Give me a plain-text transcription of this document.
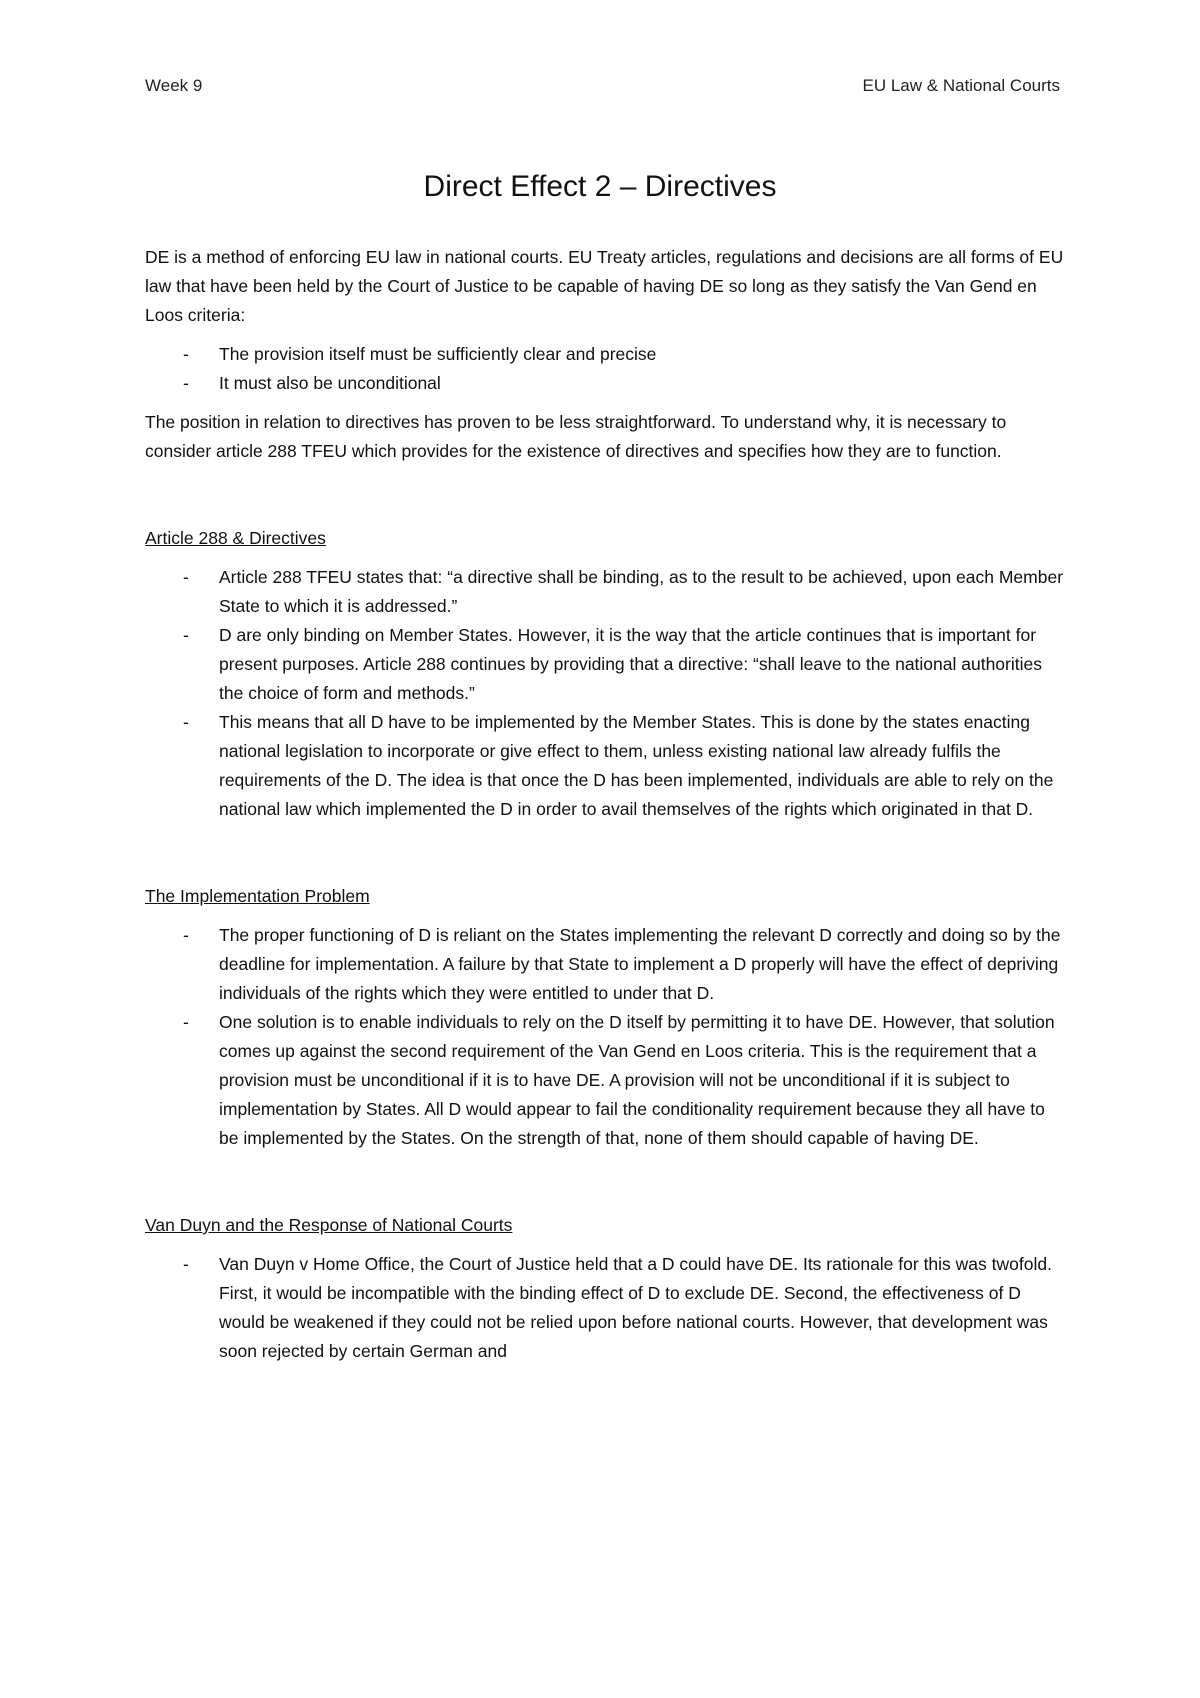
Week 9	EU Law & National Courts
Direct Effect 2 – Directives

DE is a method of enforcing EU law in national courts. EU Treaty articles, regulations and decisions are all forms of EU law that have been held by the Court of Justice to be capable of having DE so long as they satisfy the Van Gend en Loos criteria:

- The provision itself must be sufficiently clear and precise
- It must also be unconditional

The position in relation to directives has proven to be less straightforward. To understand why, it is necessary to consider article 288 TFEU which provides for the existence of directives and specifies how they are to function.

Article 288 & Directives
- Article 288 TFEU states that: “a directive shall be binding, as to the result to be achieved, upon each Member State to which it is addressed.”
- D are only binding on Member States. However, it is the way that the article continues that is important for present purposes. Article 288 continues by providing that a directive: “shall leave to the national authorities the choice of form and methods.”
- This means that all D have to be implemented by the Member States. This is done by the states enacting national legislation to incorporate or give effect to them, unless existing national law already fulfils the requirements of the D. The idea is that once the D has been implemented, individuals are able to rely on the national law which implemented the D in order to avail themselves of the rights which originated in that D.
The Implementation Problem
- The proper functioning of D is reliant on the States implementing the relevant D correctly and doing so by the deadline for implementation. A failure by that State to implement a D properly will have the effect of depriving individuals of the rights which they were entitled to under that D.
- One solution is to enable individuals to rely on the D itself by permitting it to have DE. However, that solution comes up against the second requirement of the Van Gend en Loos criteria. This is the requirement that a provision must be unconditional if it is to have DE. A provision will not be unconditional if it is subject to implementation by States. All D would appear to fail the conditionality requirement because they all have to be implemented by the States. On the strength of that, none of them should capable of having DE.
Van Duyn and the Response of National Courts
- Van Duyn v Home Office, the Court of Justice held that a D could have DE. Its rationale for this was twofold. First, it would be incompatible with the binding effect of D to exclude DE. Second, the effectiveness of D would be weakened if they could not be relied upon before national courts. However, that development was soon rejected by certain German and
